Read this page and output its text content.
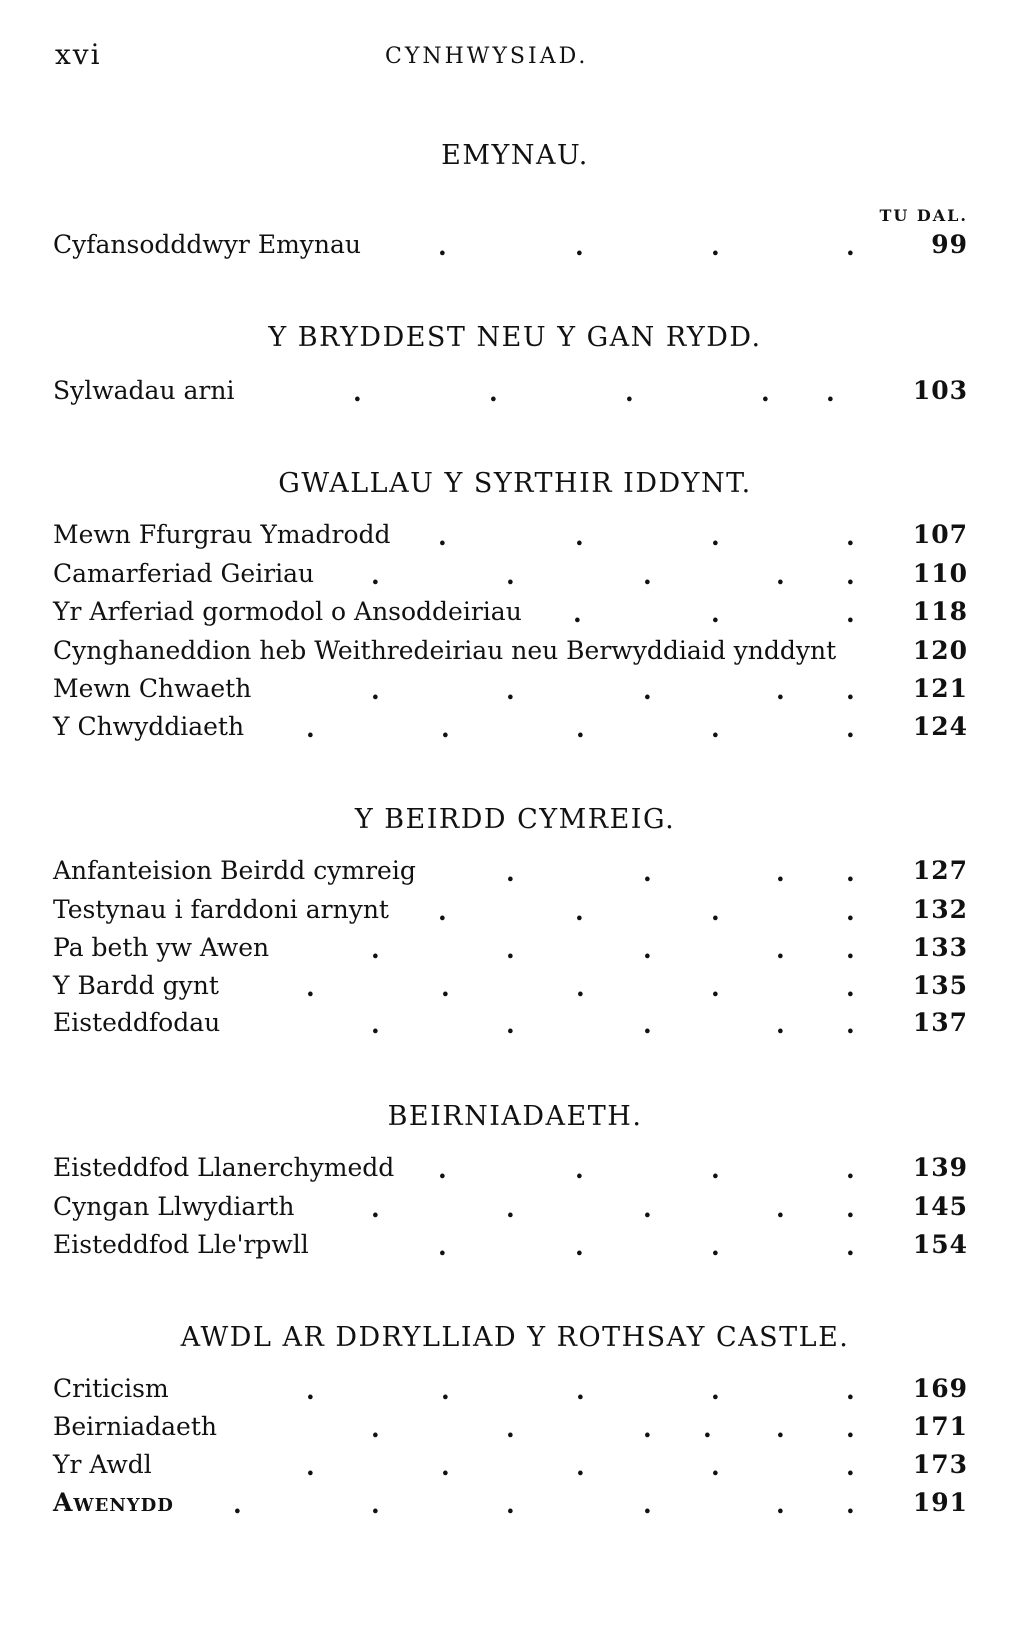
xvi	CYNHWYSIAD.
EMYNAU.
TU DAL.
Cyfansodddwyr Emynau	.	.	.	.	99
Y BRYDDEST NEU Y GAN RYDD.
Sylwadau arni	.	.	.	. .	103
GWALLAU Y SYRTHIR IDDYNT.
Mewn Ffurgrau Ymadrodd .	.	.	. 107
Camarferiad Geiriau .	.	.	. . 110
Yr Arferiad gormodol o Ansoddeiriau .	.	. 118
Cynghaneddion heb Weithredeiriau neu Berwyddiaid ynddynt	120
Mewn Chwaeth	.	.	.	. . 121
Y Chwyddiaeth .	.	.	.	. 124
Y BEIRDD CYMREIG.
Anfanteision Beirdd cymreig	.	.	. . 127
Testynau i farddoni arnynt .	.	.	. 132
Pa beth yw Awen	.	.	.	. . 133
Y Bardd gynt	.	.	.	.	. 135
Eisteddfodau	.	.	.	. . 137
BEIRNIADAETH.
Eisteddfod Llanerchymedd .	.	.	. 139
Cyngan Llwydiarth	.	.	.	. . 145
Eisteddfod Lle'rpwll	.	.	.	. 154
AWDL AR DDRYLLIAD Y ROTHSAY CASTLE.
Criticism	.	.	.	.	. 169
Beirniadaeth	.	.	. .	. . 171
Yr Awdl	.	.	.	.	. 173
Awenydd .	.	.	.	. . 191
